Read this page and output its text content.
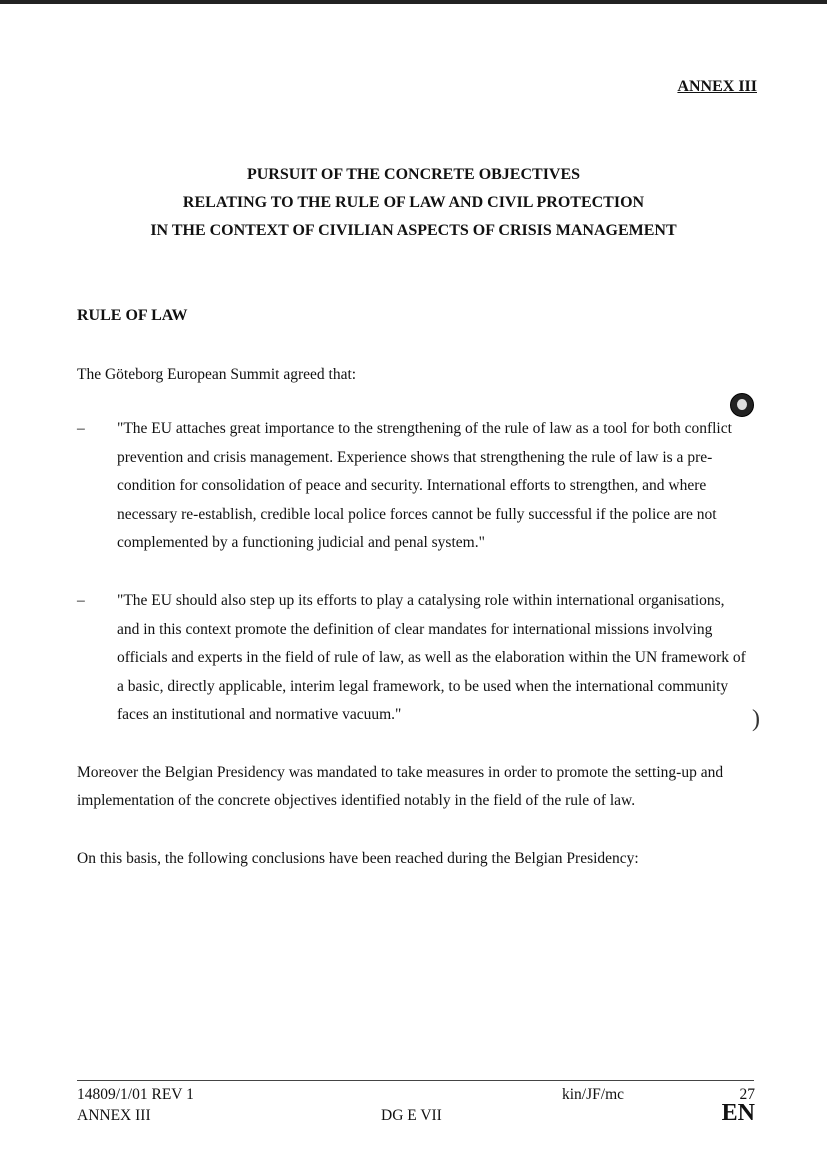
ANNEX III
PURSUIT OF THE CONCRETE OBJECTIVES
RELATING TO THE RULE OF LAW AND CIVIL PROTECTION
IN THE CONTEXT OF CIVILIAN ASPECTS OF CRISIS MANAGEMENT
RULE OF LAW

The Göteborg European Summit agreed that:

– "The EU attaches great importance to the strengthening of the rule of law as a tool for both conflict prevention and crisis management. Experience shows that strengthening the rule of law is a pre-condition for consolidation of peace and security. International efforts to strengthen, and where necessary re-establish, credible local police forces cannot be fully successful if the police are not complemented by a functioning judicial and penal system."
– "The EU should also step up its efforts to play a catalysing role within international organisations, and in this context promote the definition of clear mandates for international missions involving officials and experts in the field of rule of law, as well as the elaboration within the UN framework of a basic, directly applicable, interim legal framework, to be used when the international community faces an institutional and normative vacuum."	)

Moreover the Belgian Presidency was mandated to take measures in order to promote the setting-up and implementation of the concrete objectives identified notably in the field of the rule of law.

On this basis, the following conclusions have been reached during the Belgian Presidency:

14809/1/01 REV 1
ANNEX III	DG E VII
kin/JF/mc	27
EN
